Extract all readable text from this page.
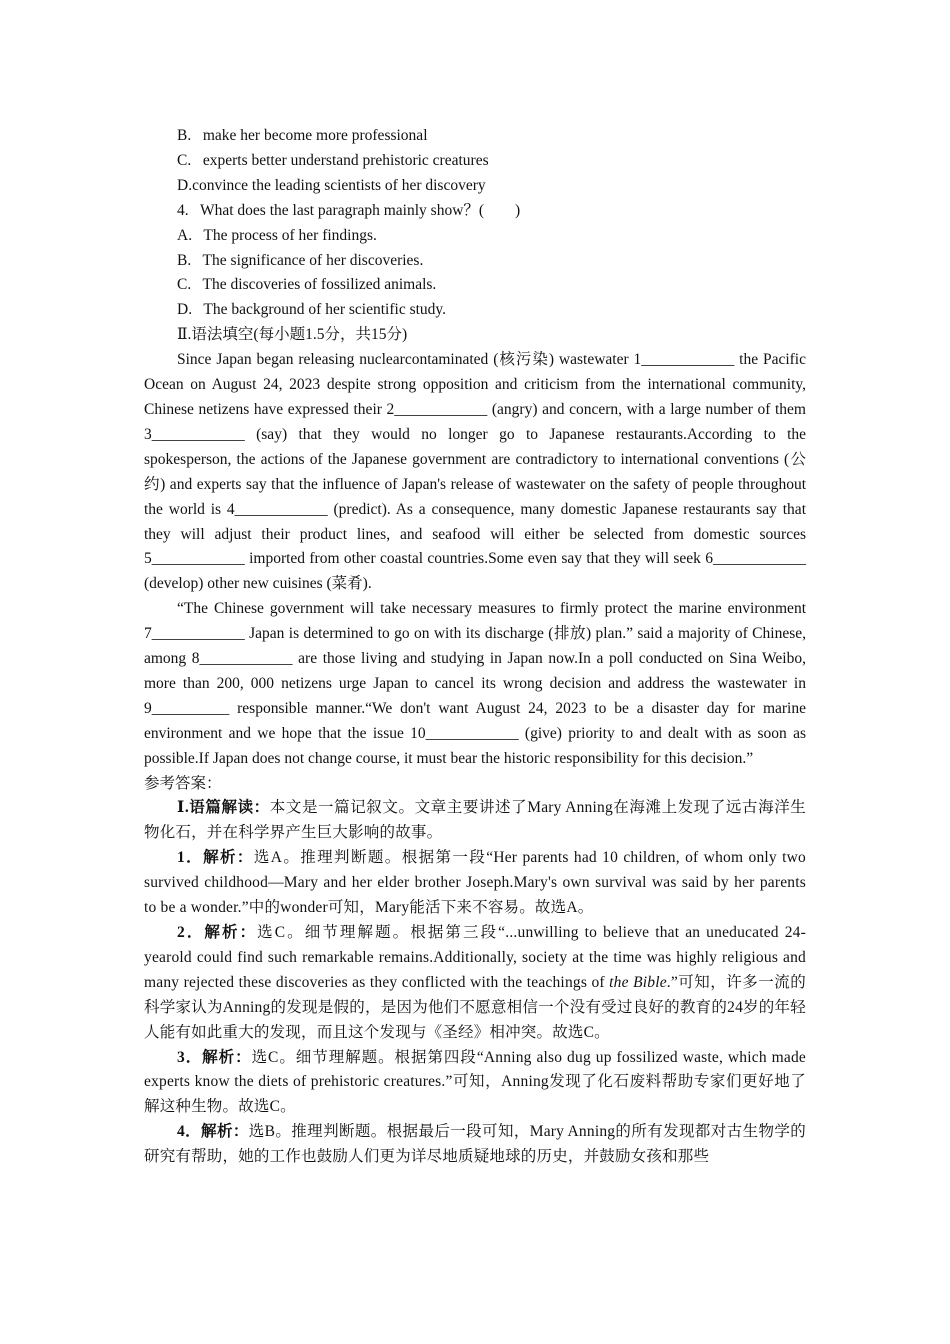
B.   make her become more professional
C.   experts better understand prehistoric creatures
D.convince the leading scientists of her discovery
4.   What does the last paragraph mainly show？(        )
A.   The process of her findings.
B.   The significance of her discoveries.
C.   The discoveries of fossilized animals.
D.   The background of her scientific study.
Ⅱ.语法填空(每小题1.5分，共15分)

Since Japan began releasing nuclearcontaminated (核污染) wastewater 1____________ the Pacific Ocean on August 24, 2023 despite strong opposition and criticism from the international community, Chinese netizens have expressed their 2____________ (angry) and concern, with a large number of them 3____________ (say) that they would no longer go to Japanese restaurants.According to the spokesperson, the actions of the Japanese government are contradictory to international conventions (公约) and experts say that the influence of Japan's release of wastewater on the safety of people throughout the world is 4____________ (predict). As a consequence, many domestic Japanese restaurants say that they will adjust their product lines, and seafood will either be selected from domestic sources 5____________ imported from other coastal countries.Some even say that they will seek 6____________ (develop) other new cuisines (菜肴).

“The Chinese government will take necessary measures to firmly protect the marine environment 7____________ Japan is determined to go on with its discharge (排放) plan.” said a majority of Chinese, among 8____________ are those living and studying in Japan now.In a poll conducted on Sina Weibo, more than 200, 000 netizens urge Japan to cancel its wrong decision and address the wastewater in 9__________ responsible manner.“We don't want August 24, 2023 to be a disaster day for marine environment and we hope that the issue 10____________ (give) priority to and dealt with as soon as possible.If Japan does not change course, it must bear the historic responsibility for this decision.”

参考答案：

Ⅰ.语篇解读：本文是一篇记叙文。文章主要讲述了Mary Anning在海滩上发现了远古海洋生物化石，并在科学界产生巨大影响的故事。

1．解析：选A。推理判断题。根据第一段“Her parents had 10 children, of whom only two survived childhood—Mary and her elder brother Joseph.Mary's own survival was said by her parents to be a wonder.”中的wonder可知，Mary能活下来不容易。故选A。

2．解析：选C。细节理解题。根据第三段“...unwilling to believe that an uneducated 24-yearold could find such remarkable remains.Additionally, society at the time was highly religious and many rejected these discoveries as they conflicted with the teachings of the Bible.”可知，许多一流的科学家认为Anning的发现是假的，是因为他们不愿意相信一个没有受过良好的教育的24岁的年轻人能有如此重大的发现，而且这个发现与《圣经》相冲突。故选C。

3．解析：选C。细节理解题。根据第四段“Anning also dug up fossilized waste, which made experts know the diets of prehistoric creatures.”可知，Anning发现了化石废料帮助专家们更好地了解这种生物。故选C。

4．解析：选B。推理判断题。根据最后一段可知，Mary Anning的所有发现都对古生物学的研究有帮助，她的工作也鼓励人们更为详尽地质疑地球的历史，并鼓励女孩和那些
